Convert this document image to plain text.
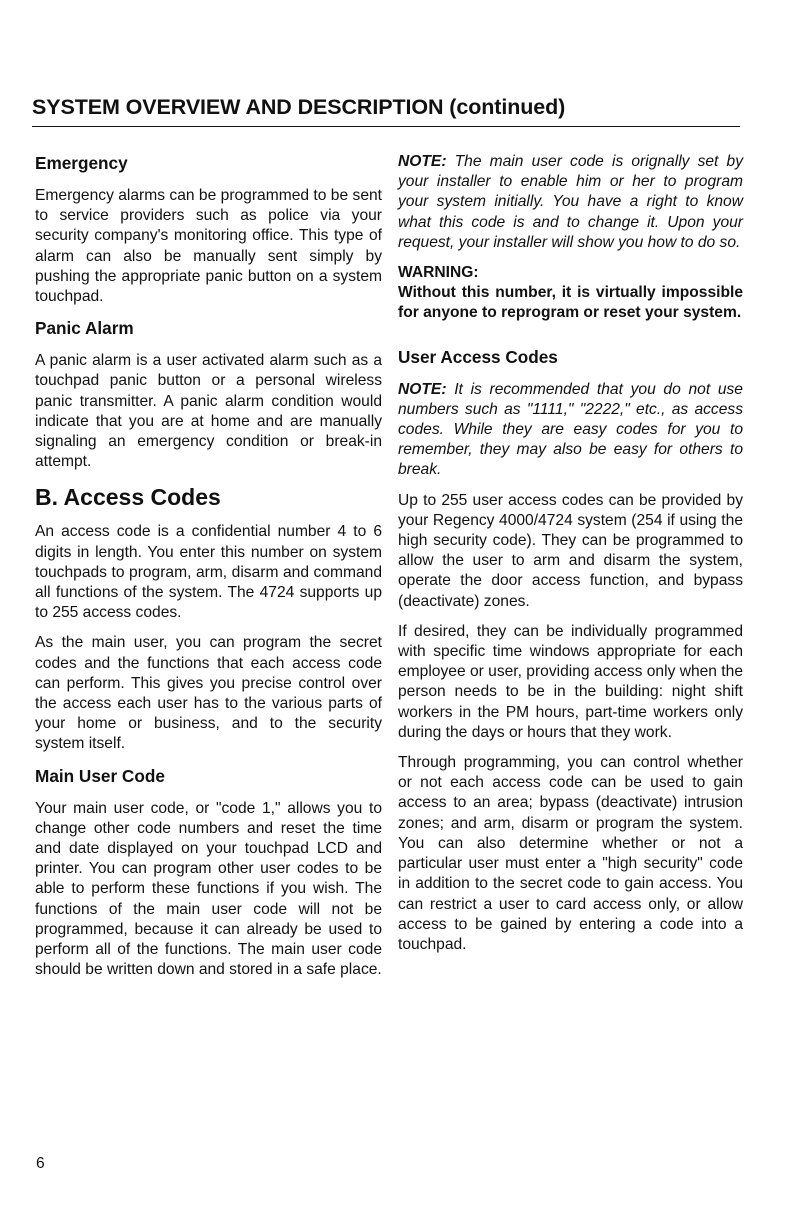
SYSTEM OVERVIEW AND DESCRIPTION (continued)
Emergency

Emergency alarms can be programmed to be sent to service providers such as police via your security company's monitoring office. This type of alarm can also be manually sent simply by pushing the appropriate panic button on a system touchpad.

Panic Alarm

A panic alarm is a user activated alarm such as a touchpad panic button or a personal wireless panic transmitter. A panic alarm condition would indicate that you are at home and are manually signaling an emergency condition or break-in attempt.

B. Access Codes

An access code is a confidential number 4 to 6 digits in length. You enter this number on system touchpads to program, arm, disarm and command all functions of the system. The 4724 supports up to 255 access codes.

As the main user, you can program the secret codes and the functions that each access code can perform. This gives you precise control over the access each user has to the various parts of your home or business, and to the security system itself.

Main User Code

Your main user code, or "code 1," allows you to change other code numbers and reset the time and date displayed on your touchpad LCD and printer. You can program other user codes to be able to perform these functions if you wish. The functions of the main user code will not be programmed, because it can already be used to perform all of the functions. The main user code should be written down and stored in a safe place.

NOTE: The main user code is orignally set by your installer to enable him or her to program your system initially. You have a right to know what this code is and to change it. Upon your request, your installer will show you how to do so.

WARNING:

Without this number, it is virtually impossible for anyone to reprogram or reset your system.

User Access Codes

NOTE: It is recommended that you do not use numbers such as "1111," "2222," etc., as access codes. While they are easy codes for you to remember, they may also be easy for others to break.

Up to 255 user access codes can be provided by your Regency 4000/4724 system (254 if using the high security code). They can be programmed to allow the user to arm and disarm the system, operate the door access function, and bypass (deactivate) zones.

If desired, they can be individually programmed with specific time windows appropriate for each employee or user, providing access only when the person needs to be in the building: night shift workers in the PM hours, part-time workers only during the days or hours that they work.

Through programming, you can control whether or not each access code can be used to gain access to an area; bypass (deactivate) intrusion zones; and arm, disarm or program the system. You can also determine whether or not a particular user must enter a "high security" code in addition to the secret code to gain access. You can restrict a user to card access only, or allow access to be gained by entering a code into a touchpad.

6
